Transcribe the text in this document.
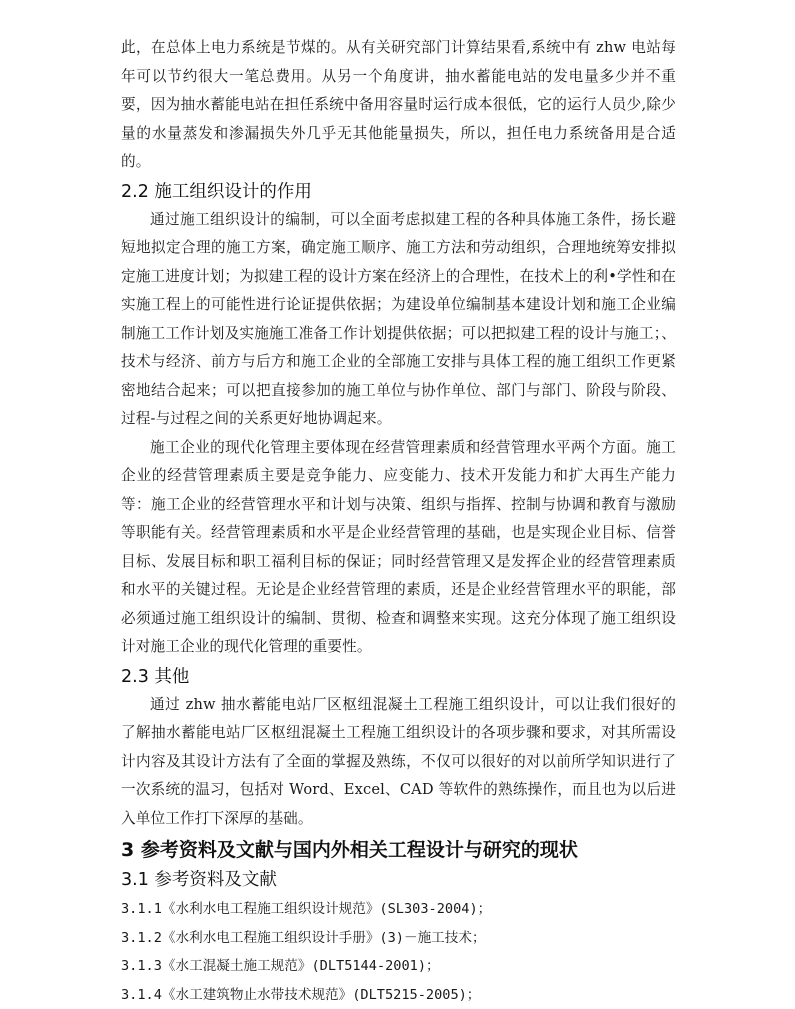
此，在总体上电力系统是节煤的。从有关研究部门计算结果看,系统中有 zhw 电站每年可以节约很大一笔总费用。从另一个角度讲，抽水蓄能电站的发电量多少并不重要，因为抽水蓄能电站在担任系统中备用容量时运行成本很低，它的运行人员少,除少量的水量蒸发和渗漏损失外几乎无其他能量损失，所以，担任电力系统备用是合适的。

2.2 施工组织设计的作用

通过施工组织设计的编制，可以全面考虑拟建工程的各种具体施工条件，扬长避短地拟定合理的施工方案，确定施工顺序、施工方法和劳动组织，合理地统筹安排拟定施工进度计划；为拟建工程的设计方案在经济上的合理性，在技术上的利•学性和在实施工程上的可能性进行论证提供依据；为建设单位编制基本建设计划和施工企业编制施工工作计划及实施施工准备工作计划提供依据；可以把拟建工程的设计与施工；、技术与经济、前方与后方和施工企业的全部施工安排与具体工程的施工组织工作更紧密地结合起来；可以把直接参加的施工单位与协作单位、部门与部门、阶段与阶段、过程-与过程之间的关系更好地协调起来。

施工企业的现代化管理主要体现在经营管理素质和经营管理水平两个方面。施工企业的经营管理素质主要是竞争能力、应变能力、技术开发能力和扩大再生产能力等：施工企业的经营管理水平和计划与决策、组织与指挥、控制与协调和教育与激励等职能有关。经营管理素质和水平是企业经营管理的基础，也是实现企业目标、信誉目标、发展目标和职工福利目标的保证；同时经营管理又是发挥企业的经营管理素质和水平的关键过程。无论是企业经营管理的素质，还是企业经营管理水平的职能，部必须通过施工组织设计的编制、贯彻、检查和调整来实现。这充分体现了施工组织设计对施工企业的现代化管理的重要性。

2.3 其他

通过 zhw 抽水蓄能电站厂区枢纽混凝土工程施工组织设计，可以让我们很好的了解抽水蓄能电站厂区枢纽混凝土工程施工组织设计的各项步骤和要求，对其所需设计内容及其设计方法有了全面的掌握及熟练，不仅可以很好的对以前所学知识进行了一次系统的温习，包括对 Word、Excel、CAD 等软件的熟练操作，而且也为以后进入单位工作打下深厚的基础。

3 参考资料及文献与国内外相关工程设计与研究的现状
3.1 参考资料及文献
3.1.1《水利水电工程施工组织设计规范》(SL303-2004)；
3.1.2《水利水电工程施工组织设计手册》(3)－施工技术；
3.1.3《水工混凝土施工规范》(DLT5144-2001)；
3.1.4《水工建筑物止水带技术规范》(DLT5215-2005)；
